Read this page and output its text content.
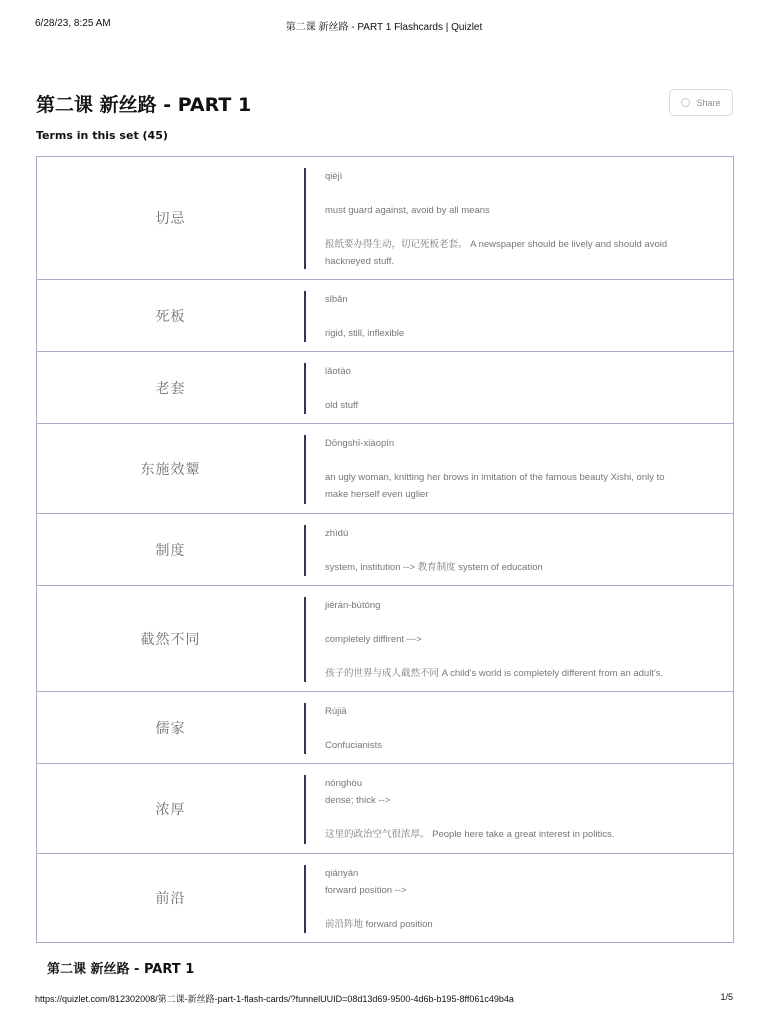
6/28/23, 8:25 AM	第二课 新丝路 - PART 1 Flashcards | Quizlet
第二课 新丝路 - PART 1	Share
Terms in this set (45)
切忌
qièjì
must guard against, avoid by all means
报纸要办得生动，切记死板老套。 A newspaper should be lively and should avoid
hackneyed stuff.
死板
sǐbǎn
rigid, still, inflexible
老套
lǎotào
old stuff
东施效颦
Dōngshī-xiàopín
an ugly woman, knitting her brows in imitation of the famous beauty Xishi, only to
make herself even uglier
制度
zhìdù
system, institution --> 教育制度 system of education
截然不同
jiérán-bùtóng
completely diffirent --->
孩子的世界与成人截然不同 A child's world is completely different from an adult's.
儒家
Rújiā
Confucianists
浓厚
nónghòu
dense; thick -->
这里的政治空气很浓厚。 People here take a great interest in politics.
前沿
qiányán
forward position -->
前沿阵地 forward position
第二课 新丝路 - PART 1
https://quizlet.com/812302008/第二课-新丝路-part-1-flash-cards/?funnelUUID=08d13d69-9500-4d6b-b195-8ff061c49b4a	1/5
